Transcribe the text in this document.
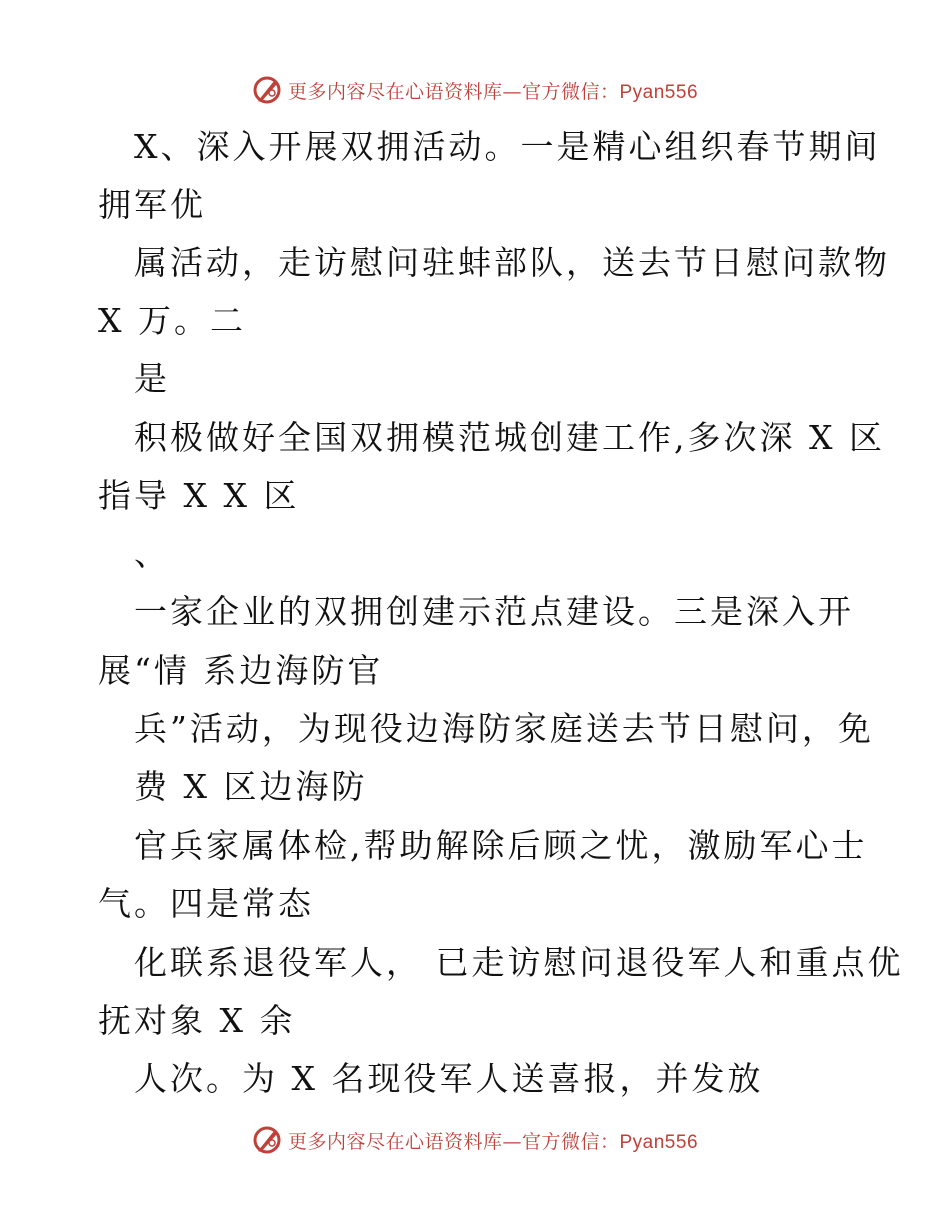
更多内容尽在心语资料库—官方微信：Pyan556
X、深入开展双拥活动。一是精心组织春节期间
拥军优
属活动，走访慰问驻蚌部队，送去节日慰问款物
X 万。二
是
积极做好全国双拥模范城创建工作,多次深 X 区
指导 X X 区
、
一家企业的双拥创建示范点建设。三是深入开
展“情 系边海防官
兵”活动，为现役边海防家庭送去节日慰问，免
费 X 区边海防
官兵家属体检,帮助解除后顾之忧，激励军心士
气。四是常态
化联系退役军人， 已走访慰问退役军人和重点优
抚对象 X 余
人次。为 X 名现役军人送喜报，并发放
更多内容尽在心语资料库—官方微信：Pyan556
